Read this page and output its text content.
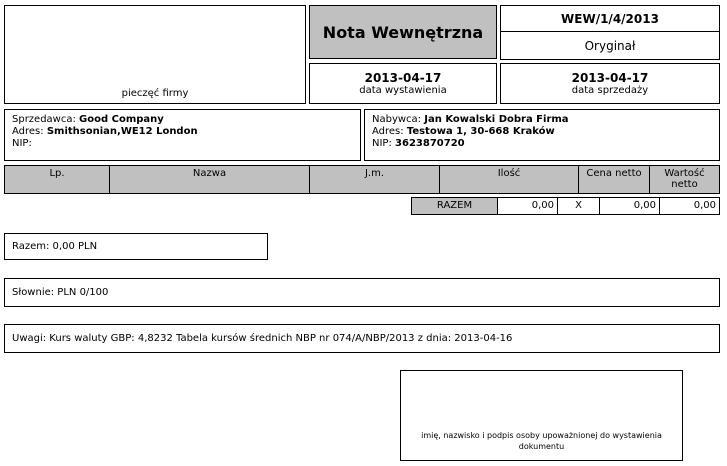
pieczęć firmy
Nota Wewnętrzna
WEW/1/4/2013
Oryginał
2013-04-17
data wystawienia
2013-04-17
data sprzedaży
Sprzedawca: Good Company
Adres: Smithsonian,WE12 London
NIP:
Nabywca: Jan Kowalski Dobra Firma
Adres: Testowa 1, 30-668 Kraków
NIP: 3623870720
Lp.	Nazwa	J.m.	Ilość	Cena netto	Wartość netto
RAZEM	0,00	X	0,00	0,00
Razem: 0,00 PLN
Słownie: PLN 0/100
Uwagi: Kurs waluty GBP: 4,8232 Tabela kursów średnich NBP nr 074/A/NBP/2013 z dnia: 2013-04-16
imię, nazwisko i podpis osoby upoważnionej do wystawienia dokumentu
